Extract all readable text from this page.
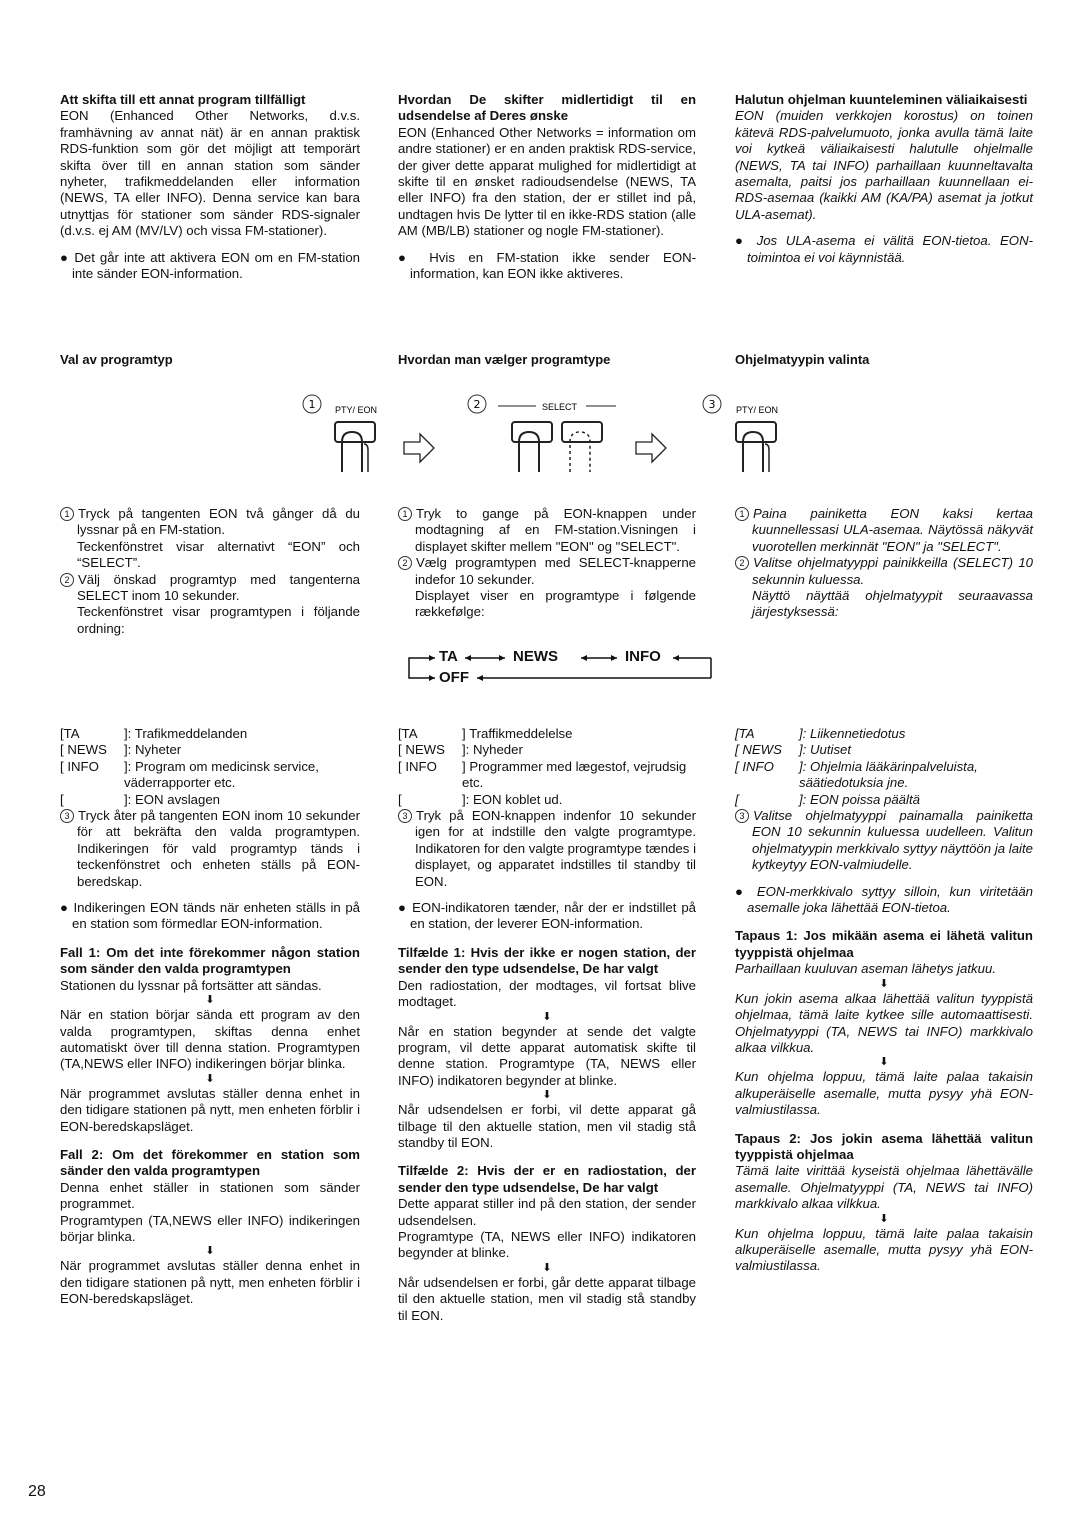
Att skifta till ett annat program tillfälligt

EON (Enhanced Other Networks, d.v.s. framhävning av annat nät) är en annan praktisk RDS-funktion som gör det möjligt att temporärt skifta över till en annan station som sänder nyheter, trafikmeddelanden eller information (NEWS, TA eller INFO). Denna service kan bara utnyttjas för stationer som sänder RDS-signaler (d.v.s. ej AM (MV/LV) och vissa FM-stationer).

● Det går inte att aktivera EON om en FM-station inte sänder EON-information.

Val av programtyp

Hvordan De skifter midlertidigt til en udsendelse af Deres ønske

EON (Enhanced Other Networks = information om andre stationer) er en anden praktisk RDS-service, der giver dette apparat mulighed for midlertidigt at skifte til en ønsket radioudsendelse (NEWS, TA eller INFO) fra den station, der er stillet ind på, undtagen hvis De lytter til en ikke-RDS station (alle AM (MB/LB) stationer og nogle FM-stationer).

● Hvis en FM-station ikke sender EON-information, kan EON ikke aktiveres.

Hvordan man vælger programtype

Halutun ohjelman kuunteleminen väliaikaisesti

EON (muiden verkkojen korostus) on toinen kätevä RDS-palvelumuoto, jonka avulla tämä laite voi kytkeä väliaikaisesti halutulle ohjelmalle (NEWS, TA tai INFO) parhaillaan kuunneltavalta asemalta, paitsi jos parhaillaan kuunnellaan ei-RDS-asemaa (kaikki AM (KA/PA) asemat ja jotkut ULA-asemat).

● Jos ULA-asema ei välitä EON-tietoa. EON-toimintoa ei voi käynnistää.

Ohjelmatyypin valinta
1 PTY/ EON	2	SELECT	3 PTY/ EON

1 Tryck på tangenten EON två gånger då du lyssnar på en FM-station.

Teckenfönstret visar alternativt “EON” och “SELECT”.

2 Välj önskad programtyp med tangenterna SELECT inom 10 sekunder.

Teckenfönstret visar programtypen i följande ordning:

1 Tryk to gange på EON-knappen under modtagning af en FM-station.Visningen i displayet skifter mellem "EON" og "SELECT".

2 Vælg programtypen med SELECT-knapperne indefor 10 sekunder.

Displayet viser en programtype i følgende rækkefølge:

1 Paina painiketta EON kaksi kertaa kuunnellessasi ULA-asemaa. Näytössä näkyvät vuorotellen merkinnät "EON" ja "SELECT".

2 Valitse ohjelmatyyppi painikkeilla (SELECT) 10 sekunnin kuluessa.

Näyttö näyttää ohjelmatyypit seuraavassa järjestyksessä:

TA	NEWS	INFO
OFF
[TA	]: Trafikmeddelanden
[ NEWS ]: Nyheter
[ INFO	]: Program om medicinsk service, väderrapporter etc.
[	]: EON avslagen

3 Tryck åter på tangenten EON inom 10 sekunder för att bekräfta den valda programtypen. Indikeringen för vald programtyp tänds i teckenfönstret och enheten ställs på EON-beredskap.

● Indikeringen EON tänds när enheten ställs in på en station som förmedlar EON-information.

Fall 1: Om det inte förekommer någon station som sänder den valda programtypen

Stationen du lyssnar på fortsätter att sändas.

⬇

När en station börjar sända ett program av den valda programtypen, skiftas denna enhet automatiskt över till denna station. Programtypen (TA,NEWS eller INFO) indikeringen börjar blinka.

⬇

När programmet avslutas ställer denna enhet in den tidigare stationen på nytt, men enheten förblir i EON-beredskapsläget.

Fall 2: Om det förekommer en station som sänder den valda programtypen

Denna enhet ställer in stationen som sänder programmet.

Programtypen (TA,NEWS eller INFO) indikeringen börjar blinka.

⬇

När programmet avslutas ställer denna enhet in den tidigare stationen på nytt, men enheten förblir i EON-beredskapsläget.

[TA	] Traffikmeddelelse
[ NEWS ]: Nyheder
[ INFO	] Programmer med lægestof, vejrudsig etc.
[	]: EON koblet ud.

3 Tryk på EON-knappen indenfor 10 sekunder igen for at indstille den valgte programtype. Indikatoren for den valgte programtype tændes i displayet, og apparatet indstilles til standby til EON.

● EON-indikatoren tænder, når der er indstillet på en station, der leverer EON-information.

Tilfælde 1: Hvis der ikke er nogen station, der sender den type udsendelse, De har valgt

Den radiostation, der modtages, vil fortsat blive modtaget.

⬇

Når en station begynder at sende det valgte program, vil dette apparat automatisk skifte til denne station. Programtype (TA, NEWS eller INFO) indikatoren begynder at blinke.

⬇

Når udsendelsen er forbi, vil dette apparat gå tilbage til den aktuelle station, men vil stadig stå standby til EON.

Tilfælde 2: Hvis der er en radiostation, der sender den type udsendelse, De har valgt

Dette apparat stiller ind på den station, der sender udsendelsen.

Programtype (TA, NEWS eller INFO) indikatoren begynder at blinke.

⬇

Når udsendelsen er forbi, går dette apparat tilbage til den aktuelle station, men vil stadig stå standby til EON.

[TA	]: Liikennetiedotus
[ NEWS ]: Uutiset
[ INFO	]: Ohjelmia lääkärinpalveluista, säätiedotuksia jne.
[	]: EON poissa päältä

3 Valitse ohjelmatyyppi painamalla painiketta EON 10 sekunnin kuluessa uudelleen. Valitun ohjelmatyypin merkkivalo syttyy näyttöön ja laite kytkeytyy EON-valmiudelle.

● EON-merkkivalo syttyy silloin, kun viritetään asemalle joka lähettää EON-tietoa.

Tapaus 1: Jos mikään asema ei lähetä valitun tyyppistä ohjelmaa

Parhaillaan kuuluvan aseman lähetys jatkuu.

⬇

Kun jokin asema alkaa lähettää valitun tyyppistä ohjelmaa, tämä laite kytkee sille automaattisesti. Ohjelmatyyppi (TA, NEWS tai INFO) markkivalo alkaa vilkkua.

⬇

Kun ohjelma loppuu, tämä laite palaa takaisin alkuperäiselle asemalle, mutta pysyy yhä EON-valmiustilassa.

Tapaus 2: Jos jokin asema lähettää valitun tyyppistä ohjelmaa

Tämä laite virittää kyseistä ohjelmaa lähettävälle asemalle. Ohjelmatyyppi (TA, NEWS tai INFO) markkivalo alkaa vilkkua.

⬇

Kun ohjelma loppuu, tämä laite palaa takaisin alkuperäiselle asemalle, mutta pysyy yhä EON-valmiustilassa.

28
